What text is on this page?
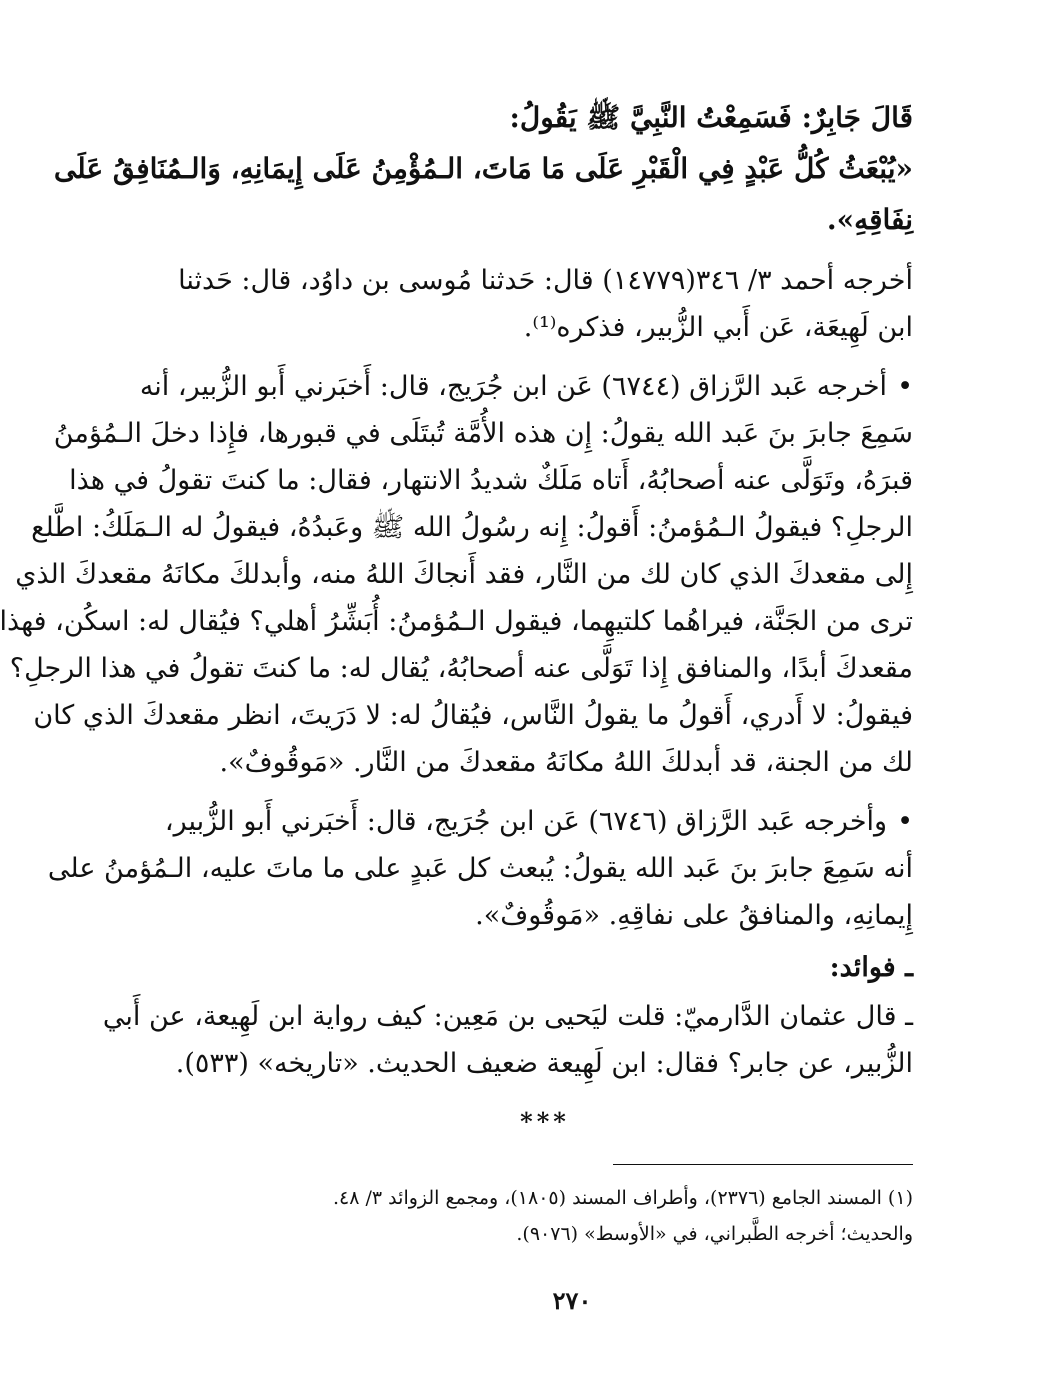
قَالَ جَابِرٌ: فَسَمِعْتُ النَّبِيَّ ﷺ يَقُولُ:

«يُبْعَثُ كُلُّ عَبْدٍ فِي الْقَبْرِ عَلَى مَا مَاتَ، الـمُؤْمِنُ عَلَى إِيمَانِهِ، وَالـمُنَافِقُ عَلَى

نِفَاقِهِ».

أخرجه أحمد ٣/ ٣٤٦(١٤٧٧٩) قال: حَدثنا مُوسى بن داوُد، قال: حَدثنا

ابن لَهِيعَة، عَن أَبي الزُّبير، فذكره⁽¹⁾.

•أخرجه عَبد الرَّزاق (٦٧٤٤) عَن ابن جُرَيج، قال: أَخبَرني أَبو الزُّبير، أنه

سَمِعَ جابرَ بنَ عَبد الله يقولُ: إِن هذه الأُمَّة تُبتَلَى في قبورها، فإِذا دخلَ الـمُؤمنُ

قبرَهُ، وتَوَلَّى عنه أصحابُهُ، أَتاه مَلَكٌ شديدُ الانتهار، فقال: ما كنتَ تقولُ في هذا

الرجلِ؟ فيقولُ الـمُؤمنُ: أَقولُ: إِنه رسُولُ الله ﷺ وعَبدُهُ، فيقولُ له الـمَلَكُ: اطَّلع

إِلى مقعدكَ الذي كان لك من النَّار، فقد أَنجاكَ اللهُ منه، وأبدلكَ مكانَهُ مقعدكَ الذي

ترى من الجَنَّة، فيراهُما كلتيهِما، فيقول الـمُؤمنُ: أُبَشِّرُ أهلي؟ فيُقال له: اسكُن، فهذا

مقعدكَ أبدًا، والمنافق إِذا تَوَلَّى عنه أصحابُهُ، يُقال له: ما كنتَ تقولُ في هذا الرجلِ؟

فيقولُ: لا أَدري، أَقولُ ما يقولُ النَّاس، فيُقالُ له: لا دَرَيتَ، انظر مقعدكَ الذي كان

لك من الجنة، قد أبدلكَ اللهُ مكانَهُ مقعدكَ من النَّار. «مَوقُوفٌ».

•وأخرجه عَبد الرَّزاق (٦٧٤٦) عَن ابن جُرَيج، قال: أَخبَرني أَبو الزُّبير،

أنه سَمِعَ جابرَ بنَ عَبد الله يقولُ: يُبعث كل عَبدٍ على ما ماتَ عليه، الـمُؤمنُ على

إِيمانِهِ، والمنافقُ على نفاقِهِ. «مَوقُوفٌ».

ـ فوائد:

ـ قال عثمان الدَّارميّ: قلت ليَحيى بن مَعِين: كيف رواية ابن لَهِيعة، عن أَبي

الزُّبير، عن جابر؟ فقال: ابن لَهِيعة ضعيف الحديث. «تاريخه» (٥٣٣).

***

(١) المسند الجامع (٢٣٧٦)، وأطراف المسند (١٨٠٥)، ومجمع الزوائد ٣/ ٤٨.

والحديث؛ أخرجه الطَّبراني، في «الأوسط» (٩٠٧٦).

٢٧٠
